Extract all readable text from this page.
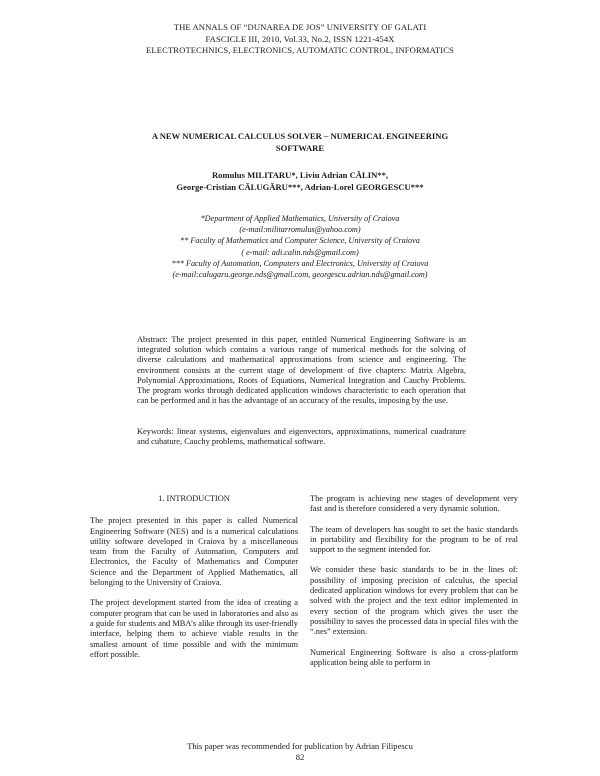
THE ANNALS OF “DUNAREA DE JOS” UNIVERSITY OF GALATI
FASCICLE III, 2010, Vol.33, No.2, ISSN 1221-454X
ELECTROTECHNICS, ELECTRONICS, AUTOMATIC CONTROL, INFORMATICS
A NEW NUMERICAL CALCULUS SOLVER – NUMERICAL ENGINEERING
SOFTWARE
Romulus MILITARU*, Liviu Adrian CĂLIN**,
George-Cristian CĂLUGĂRU***, Adrian-Lorel GEORGESCU***
*Department of Applied Mathematics, University of Craiova
(e-mail:militarromulus@yahoo.com)
** Faculty of Mathematics and Computer Science, University of Craiova
( e-mail: adi.calin.nds@gmail.com)
*** Faculty of Automation, Computers and Electronics, University of Craiova
(e-mail:calugaru.george.nds@gmail.com, georgescu.adrian.nds@gmail.com)
Abstract: The project presented in this paper, entitled Numerical Engineering Software is an integrated solution which contains a various range of numerical methods for the solving of diverse calculations and mathematical approximations from science and engineering. The environment consists at the current stage of development of five chapters: Matrix Algebra, Polynomial Approximations, Roots of Equations, Numerical Integration and Cauchy Problems. The program works through dedicated application windows characteristic to each operation that can be performed and it has the advantage of an accuracy of the results, imposing by the use.
Keywords: linear systems, eigenvalues and eigenvectors, approximations, numerical cuadrature and cubature, Cauchy problems, mathematical software.
1. INTRODUCTION

The project presented in this paper is called Numerical Engineering Software (NES) and is a numerical calculations utility software developed in Craiova by a miscellaneous team from the Faculty of Automation, Computers and Electronics, the Faculty of Mathematics and Computer Science and the Department of Applied Mathematics, all belonging to the University of Craiova.

The project development started from the idea of creating a computer program that can be used in laboratories and also as a guide for students and MBA’s alike through its user-friendly interface, helping them to achieve viable results in the smallest amount of time possible and with the minimum effort possible.

The program is achieving new stages of development very fast and is therefore considered a very dynamic solution.

The team of developers has sought to set the basic standards in portability and flexibility for the program to be of real support to the segment intended for.

We consider these basic standards to be in the lines of: possibility of imposing precision of calculus, the special dedicated application windows for every problem that can be solved with the project and the text editor implemented in every section of the program which gives the user the possibility to saves the processed data in special files with the “.nes” extension.

Numerical Engineering Software is also a cross-platform application being able to perform in

This paper was recommended for publication by Adrian Filipescu
82
